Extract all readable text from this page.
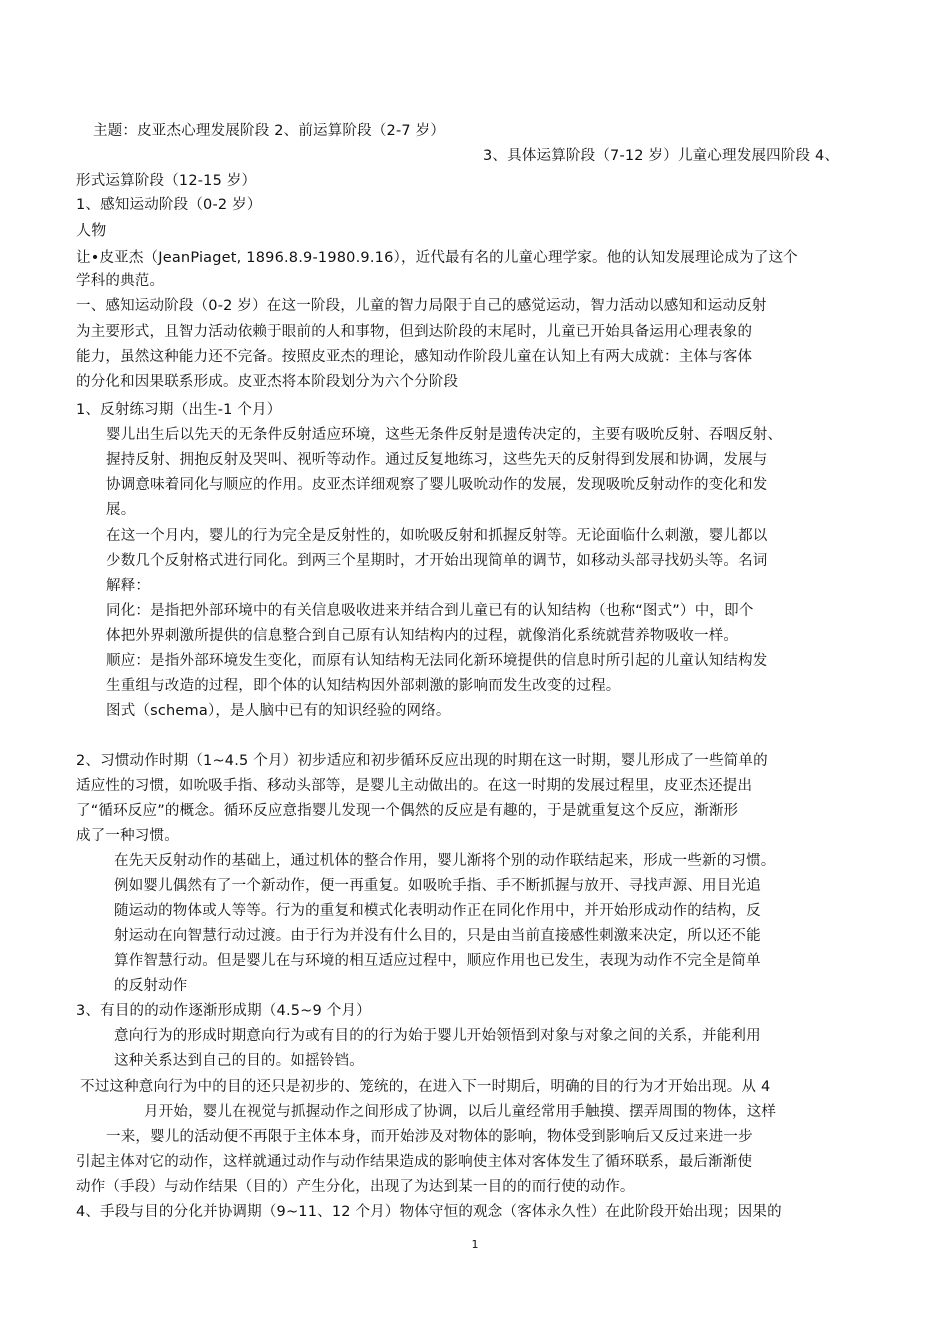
主题：皮亚杰心理发展阶段 2、前运算阶段（2-7 岁）
3、具体运算阶段（7-12 岁）儿童心理发展四阶段 4、
形式运算阶段（12-15 岁）
1、感知运动阶段（0-2 岁）
人物
让•皮亚杰（JeanPiaget, 1896.8.9-1980.9.16），近代最有名的儿童心理学家。他的认知发展理论成为了这个
学科的典范。
一、感知运动阶段（0-2 岁）在这一阶段，儿童的智力局限于自己的感觉运动，智力活动以感知和运动反射
为主要形式，且智力活动依赖于眼前的人和事物，但到达阶段的末尾时，儿童已开始具备运用心理表象的
能力，虽然这种能力还不完备。按照皮亚杰的理论，感知动作阶段儿童在认知上有两大成就：主体与客体
的分化和因果联系形成。皮亚杰将本阶段划分为六个分阶段
1、反射练习期（出生-1 个月）
婴儿出生后以先天的无条件反射适应环境，这些无条件反射是遗传决定的，主要有吸吮反射、吞咽反射、
握持反射、拥抱反射及哭叫、视听等动作。通过反复地练习，这些先天的反射得到发展和协调，发展与
协调意味着同化与顺应的作用。皮亚杰详细观察了婴儿吸吮动作的发展，发现吸吮反射动作的变化和发
展。
在这一个月内，婴儿的行为完全是反射性的，如吮吸反射和抓握反射等。无论面临什么刺激，婴儿都以
少数几个反射格式进行同化。到两三个星期时，才开始出现简单的调节，如移动头部寻找奶头等。名词
解释：
同化：是指把外部环境中的有关信息吸收进来并结合到儿童已有的认知结构（也称“图式”）中，即个
体把外界刺激所提供的信息整合到自己原有认知结构内的过程，就像消化系统就营养物吸收一样。
顺应：是指外部环境发生变化，而原有认知结构无法同化新环境提供的信息时所引起的儿童认知结构发
生重组与改造的过程，即个体的认知结构因外部刺激的影响而发生改变的过程。
图式（schema），是人脑中已有的知识经验的网络。
2、习惯动作时期（1~4.5 个月）初步适应和初步循环反应出现的时期在这一时期，婴儿形成了一些简单的
适应性的习惯，如吮吸手指、移动头部等，是婴儿主动做出的。在这一时期的发展过程里，皮亚杰还提出
了“循环反应”的概念。循环反应意指婴儿发现一个偶然的反应是有趣的，于是就重复这个反应，渐渐形
成了一种习惯。
在先天反射动作的基础上，通过机体的整合作用，婴儿渐将个别的动作联结起来，形成一些新的习惯。
例如婴儿偶然有了一个新动作，便一再重复。如吸吮手指、手不断抓握与放开、寻找声源、用目光追
随运动的物体或人等等。行为的重复和模式化表明动作正在同化作用中，并开始形成动作的结构，反
射运动在向智慧行动过渡。由于行为并没有什么目的，只是由当前直接感性刺激来决定，所以还不能
算作智慧行动。但是婴儿在与环境的相互适应过程中，顺应作用也已发生，表现为动作不完全是简单
的反射动作
3、有目的的动作逐渐形成期（4.5~9 个月）
意向行为的形成时期意向行为或有目的的行为始于婴儿开始领悟到对象与对象之间的关系，并能利用
这种关系达到自己的目的。如摇铃铛。
不过这种意向行为中的目的还只是初步的、笼统的，在进入下一时期后，明确的目的行为才开始出现。从 4
月开始，婴儿在视觉与抓握动作之间形成了协调，以后儿童经常用手触摸、摆弄周围的物体，这样
一来，婴儿的活动便不再限于主体本身，而开始涉及对物体的影响，物体受到影响后又反过来进一步
引起主体对它的动作，这样就通过动作与动作结果造成的影响使主体对客体发生了循环联系，最后渐渐使
动作（手段）与动作结果（目的）产生分化，出现了为达到某一目的的而行使的动作。
4、手段与目的分化并协调期（9~11、12 个月）物体守恒的观念（客体永久性）在此阶段开始出现；因果的
1
